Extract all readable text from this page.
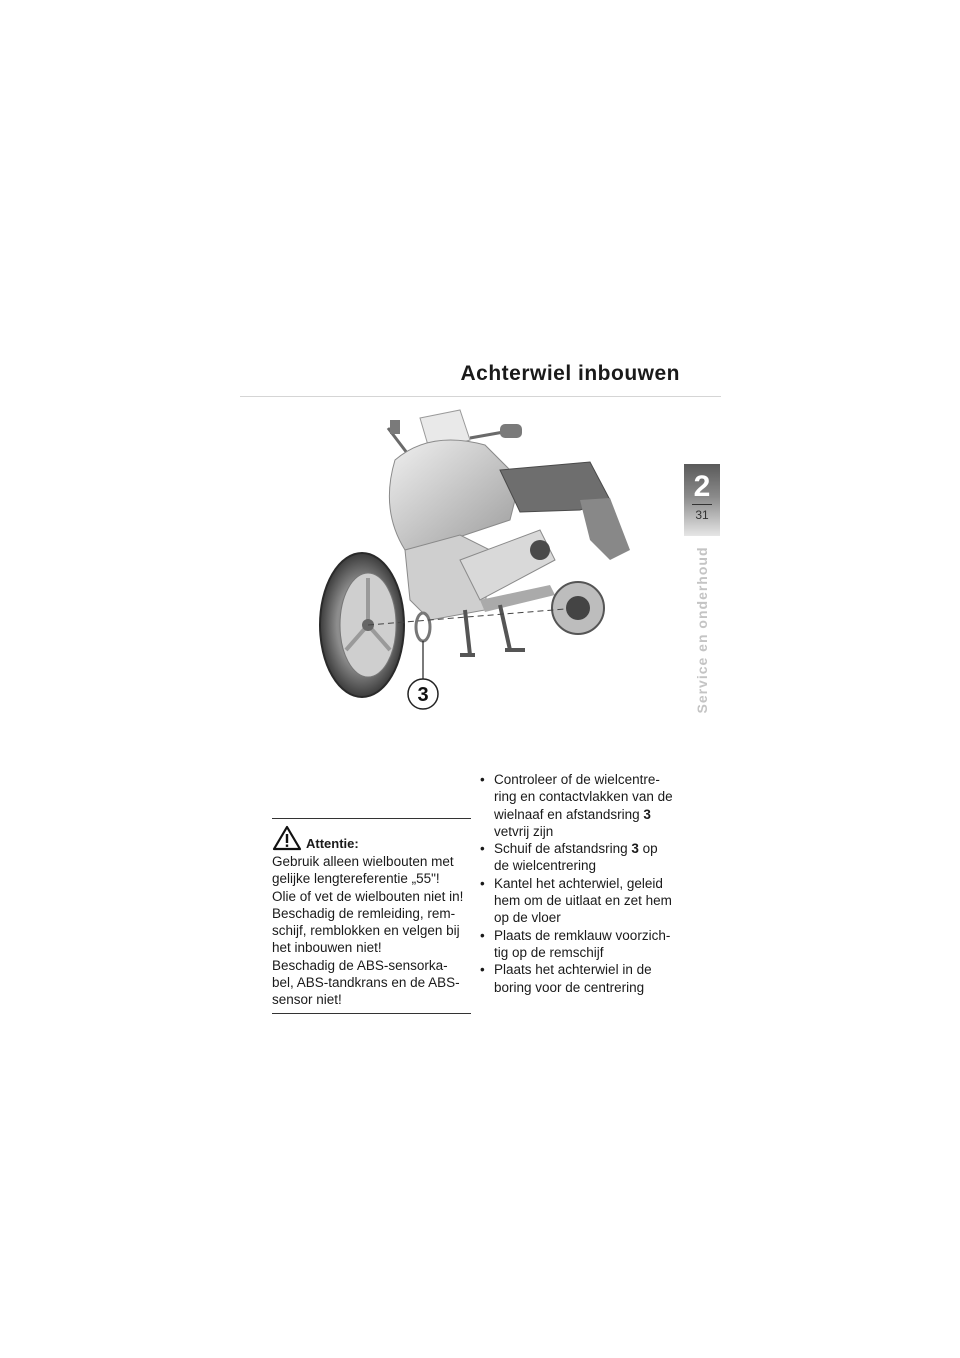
Achterwiel inbouwen
2
31
Service en onderhoud
3
Attentie:
Gebruik alleen wielbouten met
gelijke lengtereferentie „55"!
Olie of vet de wielbouten niet in!
Beschadig de remleiding, rem-
schijf, remblokken en velgen bij
het inbouwen niet!
Beschadig de ABS-sensorka-
bel, ABS-tandkrans en de ABS-
sensor niet!
• Controleer of de wielcentre-
ring en contactvlakken van de
wielnaaf en afstandsring 3
vetvrij zijn
• Schuif de afstandsring 3 op
de wielcentrering
• Kantel het achterwiel, geleid
hem om de uitlaat en zet hem
op de vloer
• Plaats de remklauw voorzich-
tig op de remschijf
• Plaats het achterwiel in de
boring voor de centrering
